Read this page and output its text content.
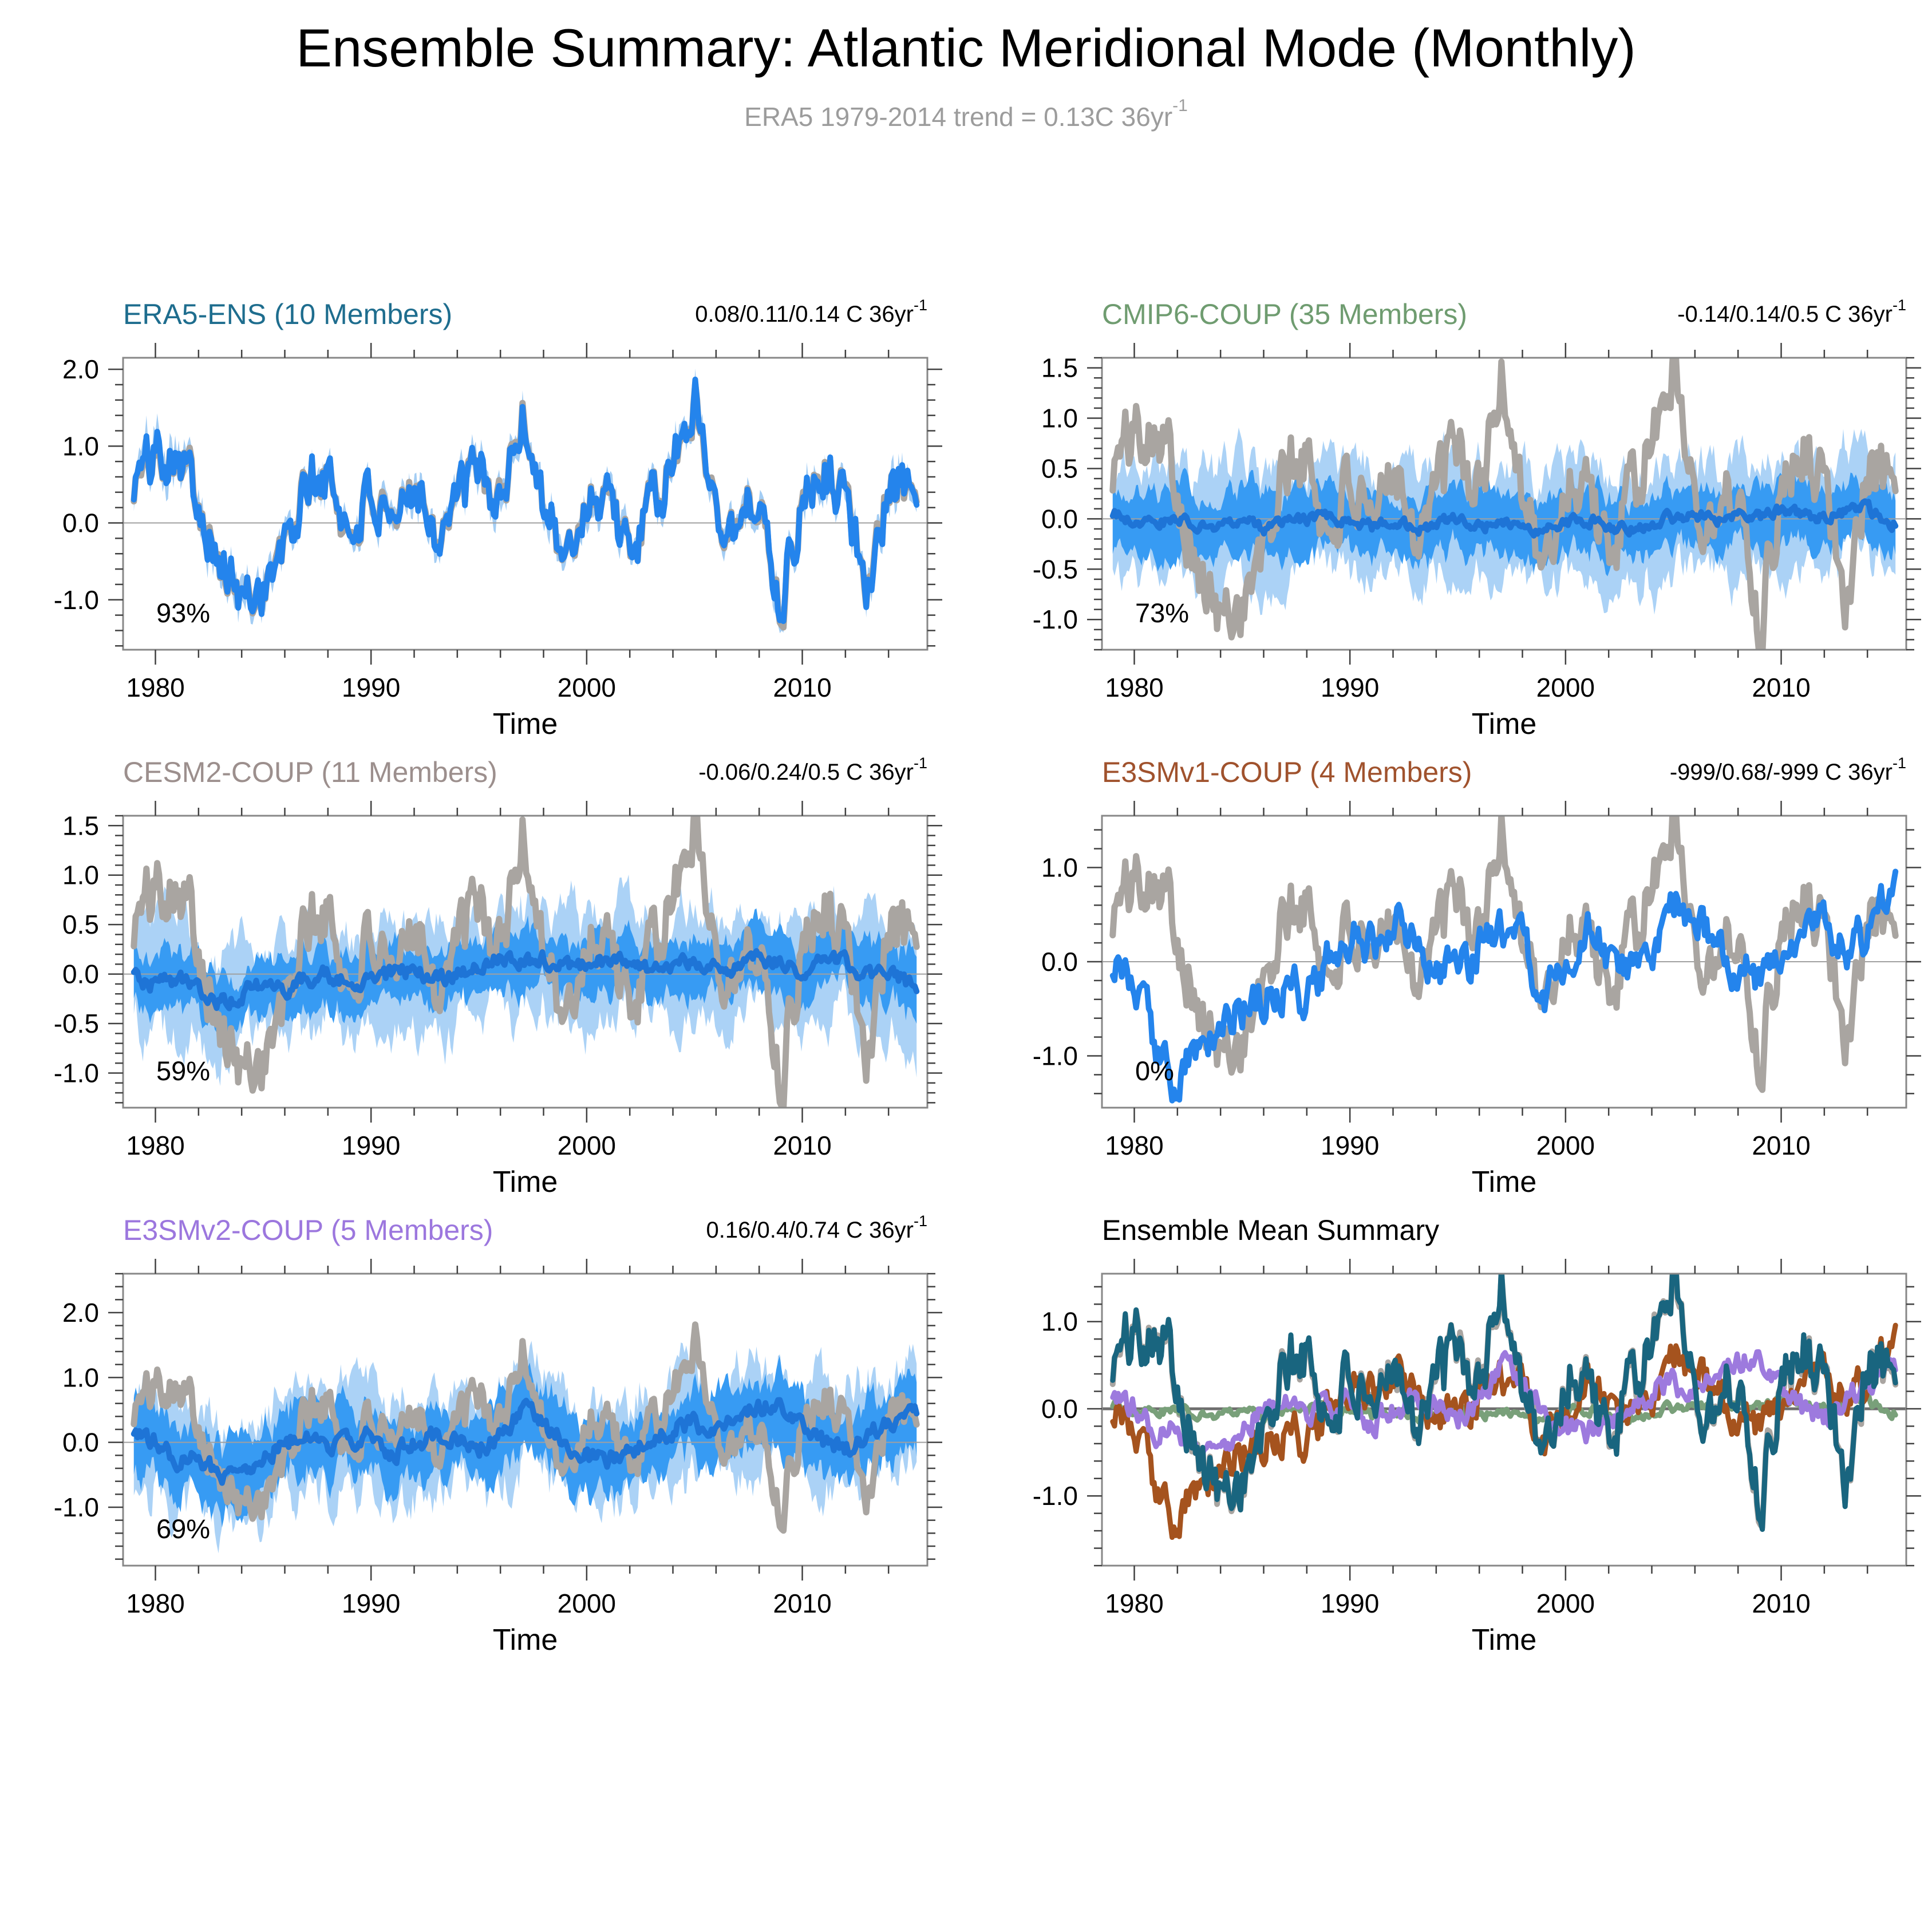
Ensemble Summary: Atlantic Meridional Mode (Monthly)
ERA5 1979-2014 trend = 0.13C $36yr^{-1}$
1980	1990	2000	2010
-1.0
0.0
1.0
2.0
ERA5-ENS (10 Members)	0.08/0.11/0.14 C $36yr^{-1}$
93%
Time
1980	1990	2000	2010
-1.0
-0.5
0.0
0.5
1.0
1.5
CMIP6-COUP (35 Members)	-0.14/0.14/0.5 C $36yr^{-1}$
73%
Time
1980	1990	2000	2010
-1.0
-0.5
0.0
0.5
1.0
1.5
CESM2-COUP (11 Members)	-0.06/0.24/0.5 C $36yr^{-1}$
59%
Time
1980	1990	2000	2010
-1.0
0.0
1.0
E3SMv1-COUP (4 Members)	-999/0.68/-999 C $36yr^{-1}$
0%
Time
1980	1990	2000	2010
-1.0
0.0
1.0
2.0
E3SMv2-COUP (5 Members)	0.16/0.4/0.74 C $36yr^{-1}$
69%
Time
1980	1990	2000	2010
-1.0
0.0
1.0
Ensemble Mean Summary
Time
